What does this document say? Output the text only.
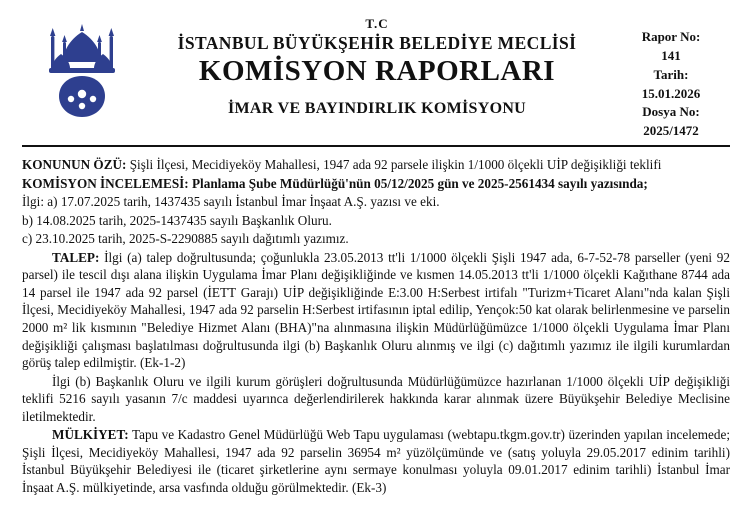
T.C
İSTANBUL BÜYÜKŞEHİR BELEDİYE MECLİSİ
KOMİSYON RAPORLARI
İMAR VE BAYINDIRLIK KOMİSYONU
Rapor No:
141
Tarih:
15.01.2026
Dosya No:
2025/1472

KONUNUN ÖZÜ: Şişli İlçesi, Mecidiyeköy Mahallesi, 1947 ada 92 parsele ilişkin 1/1000 ölçekli UİP değişikliği teklifi

KOMİSYON İNCELEMESİ: Planlama Şube Müdürlüğü'nün 05/12/2025 gün ve 2025-2561434 sayılı yazısında;

İlgi: a) 17.07.2025 tarih, 1437435 sayılı İstanbul İmar İnşaat A.Ş. yazısı ve eki.

b) 14.08.2025 tarih, 2025-1437435 sayılı Başkanlık Oluru.

c) 23.10.2025 tarih, 2025-S-2290885 sayılı dağıtımlı yazımız.

TALEP: İlgi (a) talep doğrultusunda; çoğunlukla 23.05.2013 tt'li 1/1000 ölçekli Şişli 1947 ada, 6-7-52-78 parseller (yeni 92 parsel) ile tescil dışı alana ilişkin Uygulama İmar Planı değişikliğinde ve kısmen 14.05.2013 tt'li 1/1000 ölçekli Kağıthane 8744 ada 14 parsel ile 1947 ada 92 parsel (İETT Garajı) UİP değişikliğinde E:3.00 H:Serbest irtifalı "Turizm+Ticaret Alanı"nda kalan Şişli İlçesi, Mecidiyeköy Mahallesi, 1947 ada 92 parselin H:Serbest irtifasının iptal edilip, Yençok:50 kat olarak belirlenmesine ve parselin 2000 m² lik kısmının "Belediye Hizmet Alanı (BHA)"na alınmasına ilişkin Müdürlüğümüzce 1/1000 ölçekli Uygulama İmar Planı değişikliği çalışması başlatılması doğrultusunda ilgi (b) Başkanlık Oluru alınmış ve ilgi (c) dağıtımlı yazımız ile ilgili kurumlardan görüş talep edilmiştir. (Ek-1-2)

İlgi (b) Başkanlık Oluru ve ilgili kurum görüşleri doğrultusunda Müdürlüğümüzce hazırlanan 1/1000 ölçekli UİP değişikliği teklifi 5216 sayılı yasanın 7/c maddesi uyarınca değerlendirilerek hakkında karar alınmak üzere Büyükşehir Belediye Meclisine iletilmektedir.

MÜLKİYET: Tapu ve Kadastro Genel Müdürlüğü Web Tapu uygulaması (webtapu.tkgm.gov.tr) üzerinden yapılan incelemede; Şişli İlçesi, Mecidiyeköy Mahallesi, 1947 ada 92 parselin 36954 m² yüzölçümünde ve (satış yoluyla 29.05.2017 edinim tarihli) İstanbul Büyükşehir Belediyesi ile (ticaret şirketlerine aynı sermaye konulması yoluyla 09.01.2017 edinim tarihli) İstanbul İmar İnşaat A.Ş. mülkiyetinde, arsa vasfında olduğu görülmektedir. (Ek-3)
